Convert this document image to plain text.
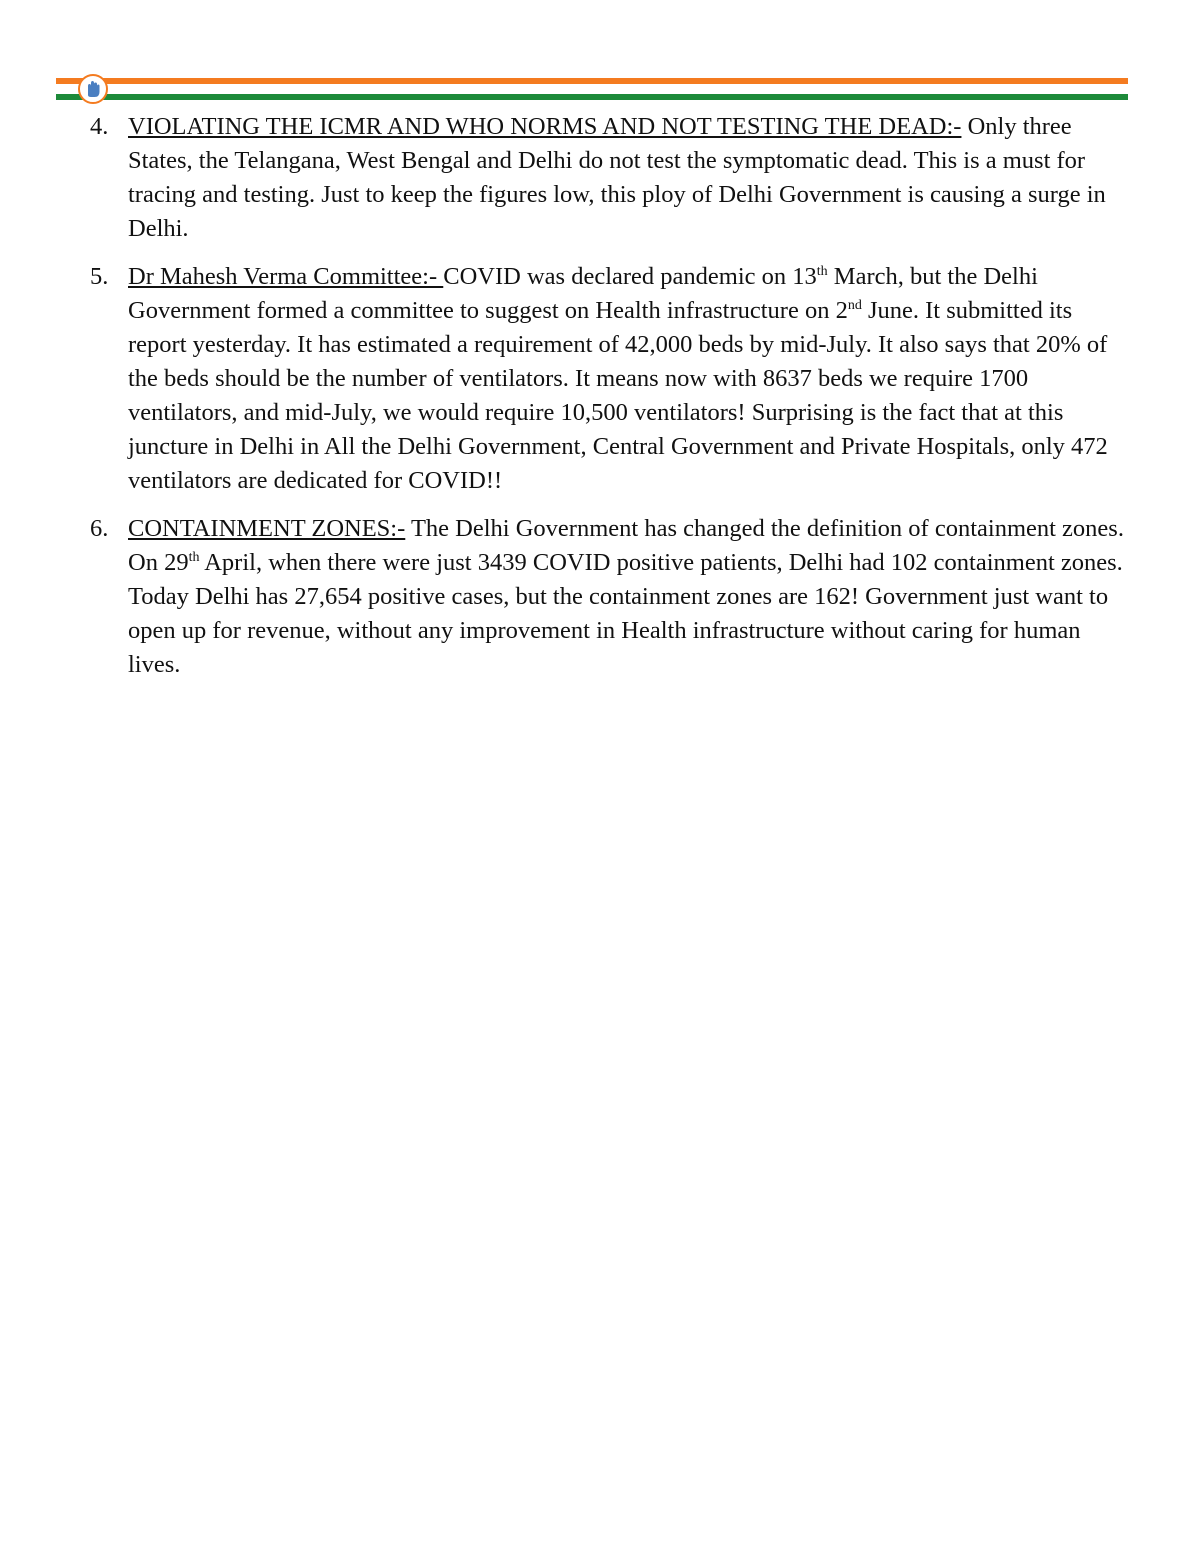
4. VIOLATING THE ICMR AND WHO NORMS AND NOT TESTING THE DEAD:- Only three States, the Telangana, West Bengal and Delhi do not test the symptomatic dead. This is a must for tracing and testing. Just to keep the figures low, this ploy of Delhi Government is causing a surge in Delhi.
5. Dr Mahesh Verma Committee:- COVID was declared pandemic on 13th March, but the Delhi Government formed a committee to suggest on Health infrastructure on 2nd June. It submitted its report yesterday. It has estimated a requirement of 42,000 beds by mid-July. It also says that 20% of the beds should be the number of ventilators. It means now with 8637 beds we require 1700 ventilators, and mid-July, we would require 10,500 ventilators! Surprising is the fact that at this juncture in Delhi in All the Delhi Government, Central Government and Private Hospitals, only 472 ventilators are dedicated for COVID!!
6. CONTAINMENT ZONES:- The Delhi Government has changed the definition of containment zones. On 29th April, when there were just 3439 COVID positive patients, Delhi had 102 containment zones. Today Delhi has 27,654 positive cases, but the containment zones are 162! Government just want to open up for revenue, without any improvement in Health infrastructure without caring for human lives.
